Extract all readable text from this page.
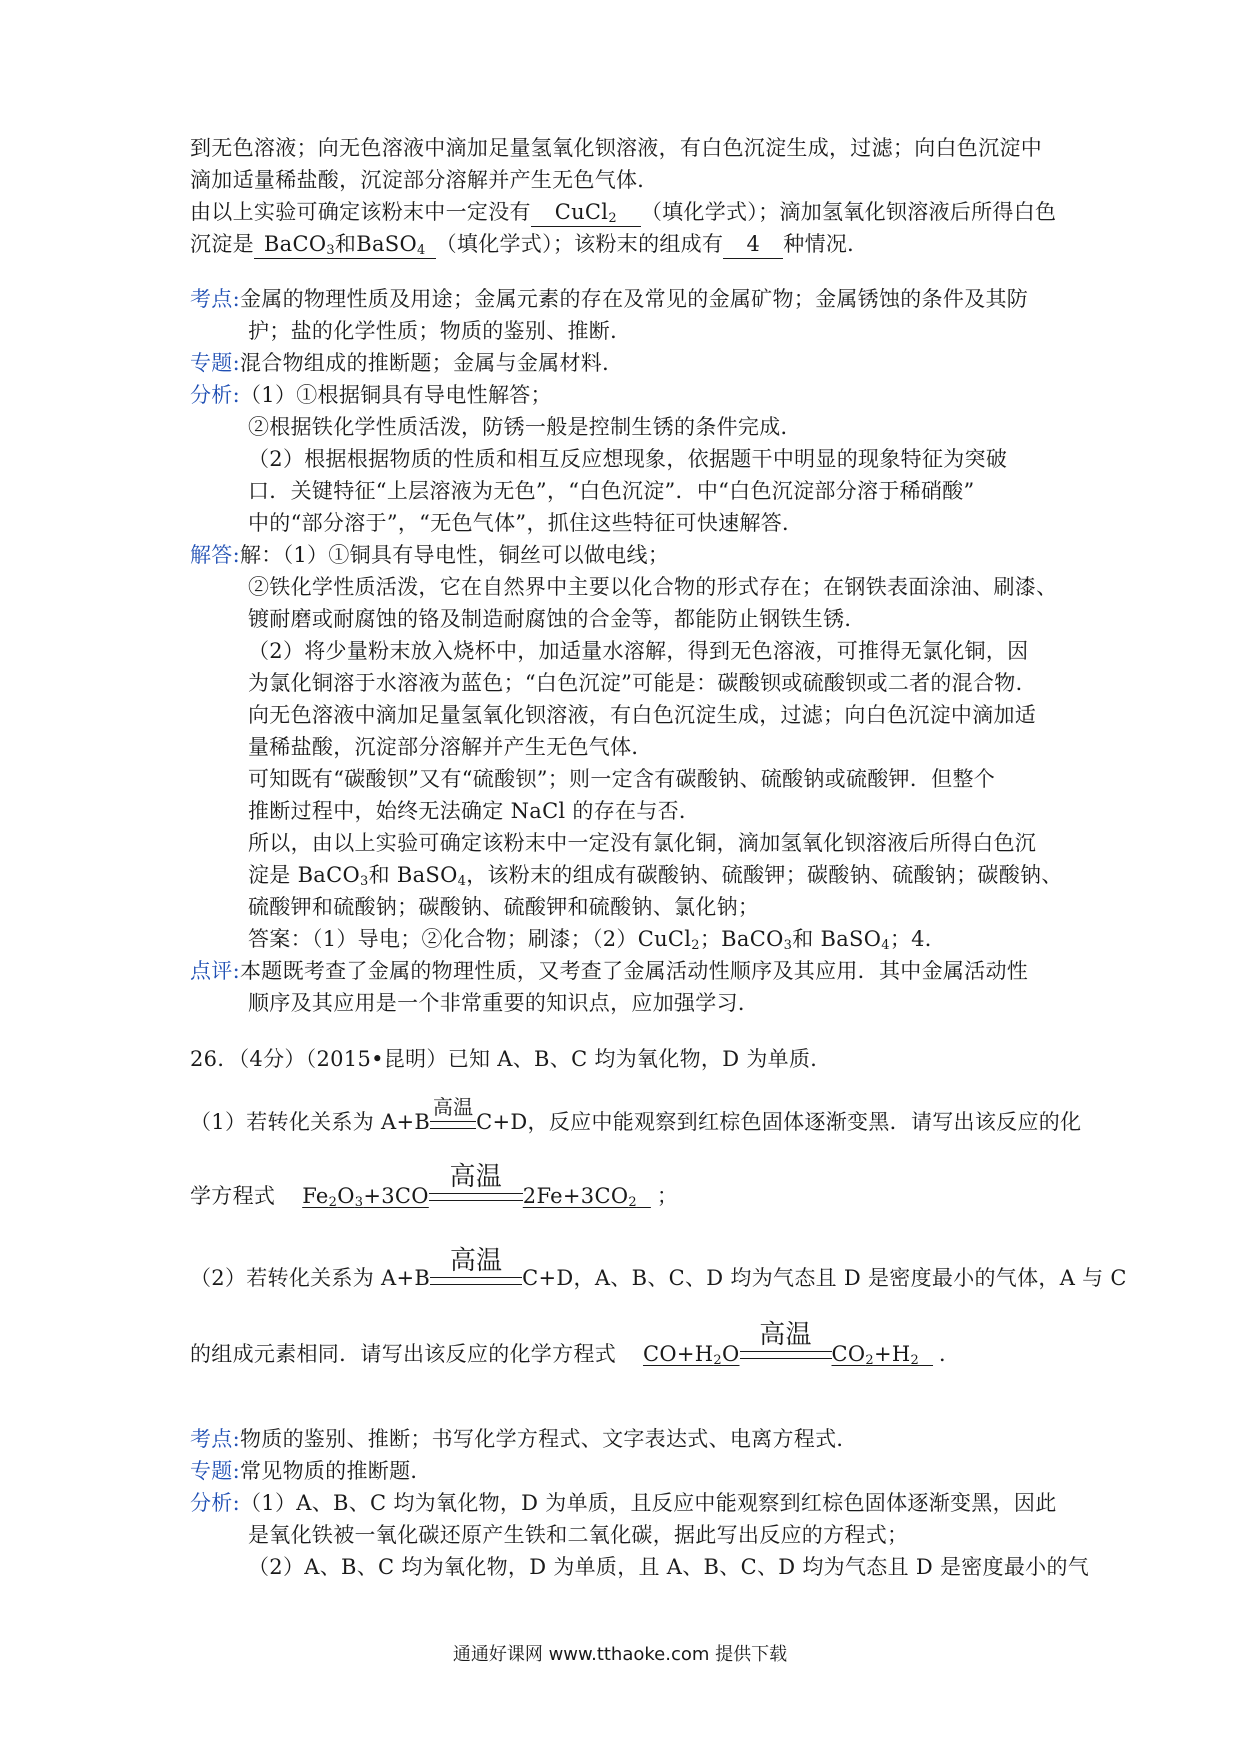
到无色溶液；向无色溶液中滴加足量氢氧化钡溶液，有白色沉淀生成，过滤；向白色沉淀中
滴加适量稀盐酸，沉淀部分溶解并产生无色气体．
由以上实验可确定该粉末中一定没有 CuCl$_2$ （填化学式）；滴加氢氧化钡溶液后所得白色
沉淀是 BaCO$_3$和BaSO$_4$ （填化学式）；该粉末的组成有 4 种情况．
考点:金属的物理性质及用途；金属元素的存在及常见的金属矿物；金属锈蚀的条件及其防
护；盐的化学性质；物质的鉴别、推断．
专题:混合物组成的推断题；金属与金属材料．
分析:（1）①根据铜具有导电性解答；
②根据铁化学性质活泼，防锈一般是控制生锈的条件完成．
（2）根据根据物质的性质和相互反应想现象，依据题干中明显的现象特征为突破
口．关键特征“上层溶液为无色”，“白色沉淀”．中“白色沉淀部分溶于稀硝酸”
中的“部分溶于”，“无色气体”，抓住这些特征可快速解答．
解答:解：（1）①铜具有导电性，铜丝可以做电线；
②铁化学性质活泼，它在自然界中主要以化合物的形式存在；在钢铁表面涂油、刷漆、
镀耐磨或耐腐蚀的铬及制造耐腐蚀的合金等，都能防止钢铁生锈．
（2）将少量粉末放入烧杯中，加适量水溶解，得到无色溶液，可推得无氯化铜，因
为氯化铜溶于水溶液为蓝色；“白色沉淀”可能是：碳酸钡或硫酸钡或二者的混合物．
向无色溶液中滴加足量氢氧化钡溶液，有白色沉淀生成，过滤；向白色沉淀中滴加适
量稀盐酸，沉淀部分溶解并产生无色气体．
可知既有“碳酸钡”又有“硫酸钡”；则一定含有碳酸钠、硫酸钠或硫酸钾．但整个
推断过程中，始终无法确定 NaCl 的存在与否．
所以，由以上实验可确定该粉末中一定没有氯化铜，滴加氢氧化钡溶液后所得白色沉
淀是 BaCO$_3$和 BaSO$_4$，该粉末的组成有碳酸钠、硫酸钾；碳酸钠、硫酸钠；碳酸钠、
硫酸钾和硫酸钠；碳酸钠、硫酸钾和硫酸钠、氯化钠；
答案：（1）导电；②化合物；刷漆；（2）CuCl$_2$；BaCO$_3$和 BaSO$_4$；4．
点评:本题既考查了金属的物理性质，又考查了金属活动性顺序及其应用．其中金属活动性
顺序及其应用是一个非常重要的知识点，应加强学习．
26．（4分）（2015•昆明）已知 A、B、C 均为氧化物，D 为单质．
（1）若转化关系为 A+B
高温
C+D，反应中能观察到红棕色固体逐渐变黑．请写出该反应的化
学方程式 $Fe_2O_3+3CO$
高温
$2Fe+3CO_2$ ；
（2）若转化关系为 A+B
高温
C+D，A、B、C、D 均为气态且 D 是密度最小的气体，A 与 C
的组成元素相同．请写出该反应的化学方程式 $CO+H_2O$
高温
$CO_2+H_2$ ．
考点:物质的鉴别、推断；书写化学方程式、文字表达式、电离方程式．
专题:常见物质的推断题．
分析:（1）A、B、C 均为氧化物，D 为单质，且反应中能观察到红棕色固体逐渐变黑，因此
是氧化铁被一氧化碳还原产生铁和二氧化碳，据此写出反应的方程式；
（2）A、B、C 均为氧化物，D 为单质，且 A、B、C、D 均为气态且 D 是密度最小的气
通通好课网 www.tthaoke.com 提供下载
